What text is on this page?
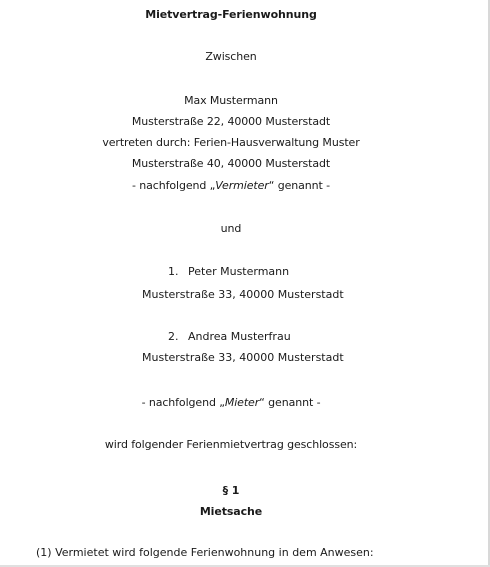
Mietvertrag-Ferienwohnung
Zwischen
Max Mustermann
Musterstraße 22, 40000 Musterstadt
vertreten durch: Ferien-Hausverwaltung Muster
Musterstraße 40, 40000 Musterstadt
- nachfolgend „Vermieter“ genannt -
und
1. Peter Mustermann
Musterstraße 33, 40000 Musterstadt
2. Andrea Musterfrau
Musterstraße 33, 40000 Musterstadt
- nachfolgend „Mieter“ genannt -
wird folgender Ferienmietvertrag geschlossen:
§ 1
Mietsache
(1) Vermietet wird folgende Ferienwohnung in dem Anwesen:
